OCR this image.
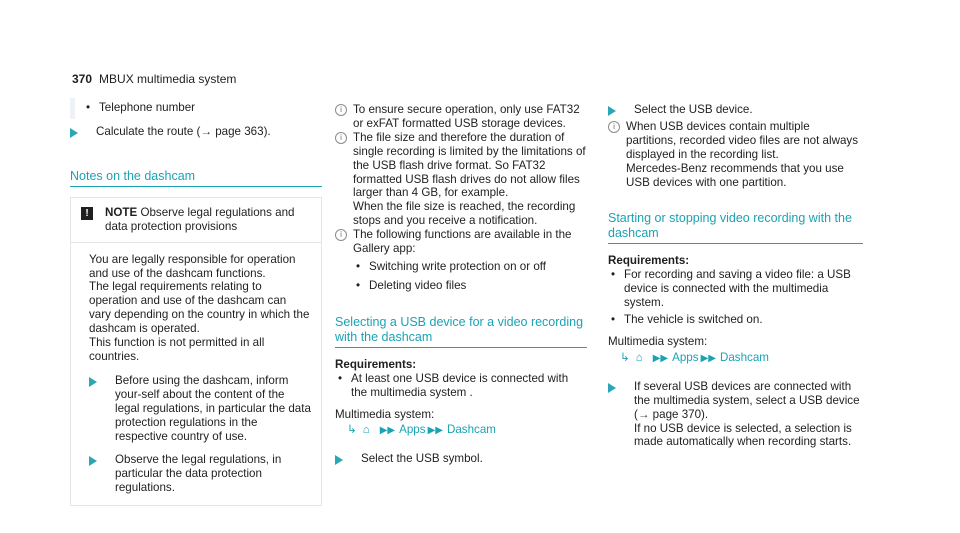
370 MBUX multimedia system

• Telephone number

Calculate the route (→ page 363).

Notes on the dashcam
!	NOTE Observe legal regulations and data protection provisions

You are legally responsible for operation and use of the dashcam functions.

The legal requirements relating to operation and use of the dashcam can vary depending on the country in which the dashcam is operated.

This function is not permitted in all countries.

Before using the dashcam, inform your-self about the content of the legal regulations, in particular the data protection regulations in the respective country of use.

Observe the legal regulations, in particular the data protection regulations.

i To ensure secure operation, only use FAT32 or exFAT formatted USB storage devices.

i The file size and therefore the duration of single recording is limited by the limitations of the USB flash drive format. So FAT32 formatted USB flash drives do not allow files larger than 4 GB, for example.
When the file size is reached, the recording stops and you receive a notification.

i The following functions are available in the Gallery app:

• Switching write protection on or off

• Deleting video files

Selecting a USB device for a video recording with the dashcam

Requirements:

• At least one USB device is connected with the multimedia system .

Multimedia system:

↳ ⌂ ▶▶ Apps ▶▶ Dashcam

Select the USB symbol.

Select the USB device.

i When USB devices contain multiple partitions, recorded video files are not always displayed in the recording list.
Mercedes-Benz recommends that you use USB devices with one partition.

Starting or stopping video recording with the dashcam

Requirements:

• For recording and saving a video file: a USB device is connected with the multimedia system.

• The vehicle is switched on.

Multimedia system:

↳ ⌂ ▶▶ Apps ▶▶ Dashcam

If several USB devices are connected with the multimedia system, select a USB device (→ page 370).
If no USB device is selected, a selection is made automatically when recording starts.
